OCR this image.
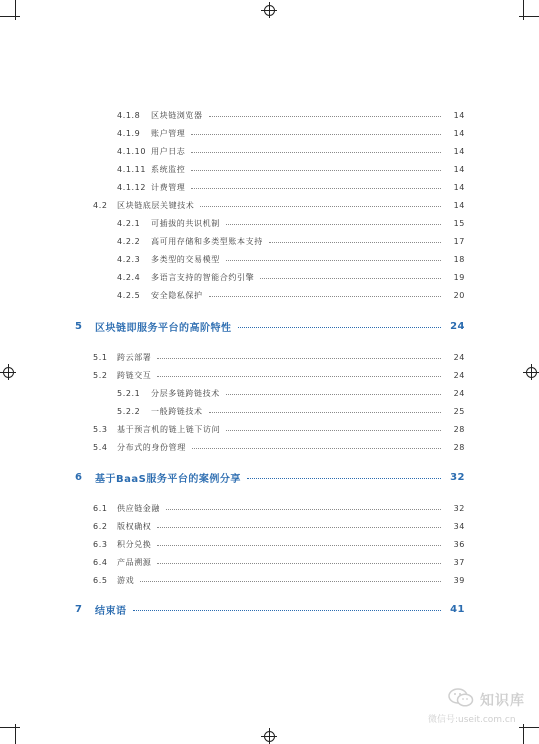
4.1.8	区块链浏览器	14
4.1.9	账户管理	14
4.1.10 用户日志	14
4.1.11 系统监控	14
4.1.12 计费管理	14
4.2	区块链底层关键技术	14
4.2.1	可插拔的共识机制	15
4.2.2	高可用存储和多类型账本支持	17
4.2.3	多类型的交易模型	18
4.2.4	多语言支持的智能合约引擎	19
4.2.5	安全隐私保护	20
5	区块链即服务平台的高阶特性	24
5.1	跨云部署	24
5.2	跨链交互	24
5.2.1	分层多链跨链技术	24
5.2.2	一般跨链技术	25
5.3	基于预言机的链上链下访问	28
5.4	分布式的身份管理	28
6	基于BaaS服务平台的案例分享	32
6.1	供应链金融	32
6.2	版权确权	34
6.3	积分兑换	36
6.4	产品溯源	37
6.5	游戏	39
7	结束语	41
知识库
微信号:useit.com.cn
